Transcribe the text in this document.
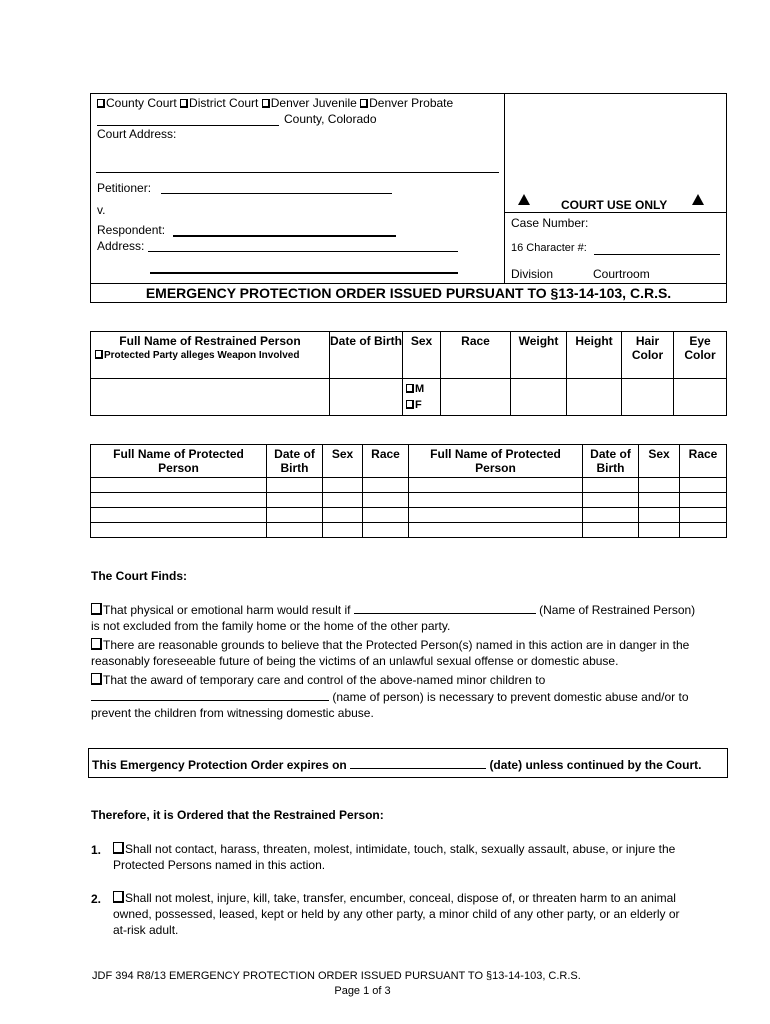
County Court District Court Denver Juvenile Denver Probate
County, Colorado
Court Address:
Petitioner:
v.
Respondent:
Address:
COURT USE ONLY
Case Number:
16 Character #:
Division	Courtroom
EMERGENCY PROTECTION ORDER ISSUED PURSUANT TO §13-14-103, C.R.S.
Full Name of Restrained Person
Protected Party alleges Weapon Involved	Date of Birth	Sex	Race	Weight	Height	Hair Color	Eye Color

		M
F					

Full Name of Protected Person	Date of Birth	Sex	Race	Full Name of Protected Person	Date of Birth	Sex	Race

The Court Finds:
That physical or emotional harm would result if	(Name of Restrained Person)
is not excluded from the family home or the home of the other party.
There are reasonable grounds to believe that the Protected Person(s) named in this action are in danger in the
reasonably foreseeable future of being the victims of an unlawful sexual offense or domestic abuse.
That the award of temporary care and control of the above-named minor children to
(name of person) is necessary to prevent domestic abuse and/or to
prevent the children from witnessing domestic abuse.
This Emergency Protection Order expires on	(date) unless continued by the Court.
Therefore, it is Ordered that the Restrained Person:
1.	Shall not contact, harass, threaten, molest, intimidate, touch, stalk, sexually assault, abuse, or injure the
Protected Persons named in this action.
2.	Shall not molest, injure, kill, take, transfer, encumber, conceal, dispose of, or threaten harm to an animal
owned, possessed, leased, kept or held by any other party, a minor child of any other party, or an elderly or
at-risk adult.
JDF 394 R8/13 EMERGENCY PROTECTION ORDER ISSUED PURSUANT TO §13-14-103, C.R.S.
Page 1 of 3
